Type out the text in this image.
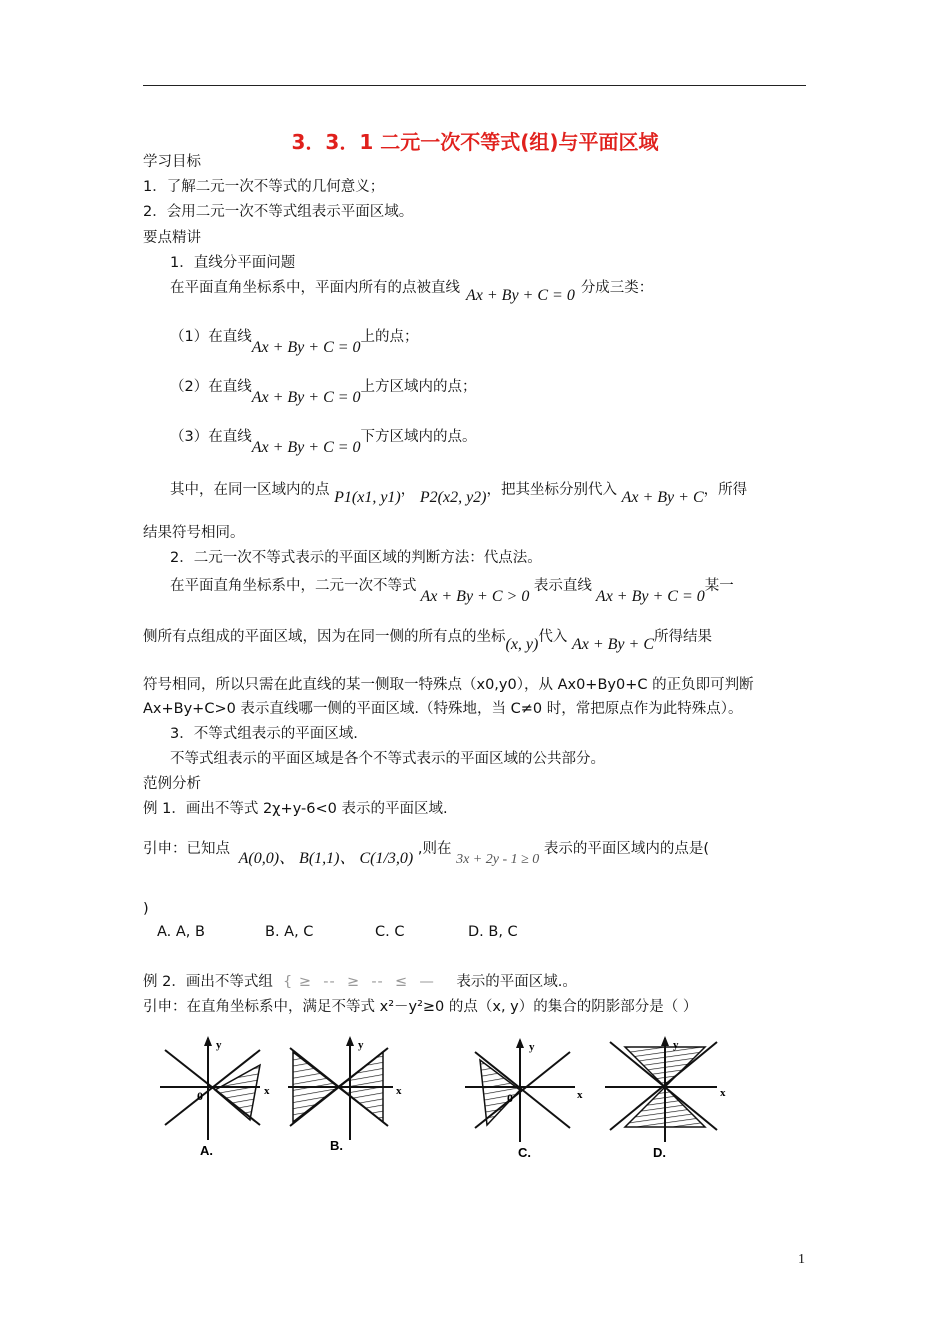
3．3．1 二元一次不等式(组)与平面区域
学习目标
1．了解二元一次不等式的几何意义；
2．会用二元一次不等式组表示平面区域。
要点精讲
1．直线分平面问题
在平面直角坐标系中，平面内所有的点被直线 Ax + By + C = 0 分成三类：
（1）在直线Ax + By + C = 0上的点；
（2）在直线Ax + By + C = 0上方区域内的点；
（3）在直线Ax + By + C = 0下方区域内的点。
其中，在同一区域内的点 P1(x1, y1)， P2(x2, y2)，把其坐标分别代入 Ax + By + C，所得
结果符号相同。
2．二元一次不等式表示的平面区域的判断方法：代点法。
在平面直角坐标系中，二元一次不等式Ax + By + C > 0 表示直线Ax + By + C = 0某一
侧所有点组成的平面区域，因为在同一侧的所有点的坐标(x, y)代入 Ax + By + C所得结果
符号相同，所以只需在此直线的某一侧取一特殊点（x0,y0），从 Ax0+By0+C 的正负即可判断
Ax+By+C>0 表示直线哪一侧的平面区域.（特殊地，当 C≠0 时，常把原点作为此特殊点）。
3．不等式组表示的平面区域.
不等式组表示的平面区域是各个不等式表示的平面区域的公共部分。
范例分析
例 1．画出不等式 2χ+y-6<0 表示的平面区域.
引申：已知点 A(0,0)、 B(1,1)、 C(1/3,0) ,则在 3x + 2y - 1 ≥ 0 表示的平面区域内的点是(
)
A. A, B	B. A, C	C. C	D. B, C
例 2．画出不等式组  { ≥  --  ≥  --  ≤  —    表示的平面区域.。
引申：在直角坐标系中，满足不等式 x²－y²≥0 的点（x, y）的集合的阴影部分是（ ）
y
x
0
A.
y
x
B.
y
x
0
C.
y
x
D.
1
